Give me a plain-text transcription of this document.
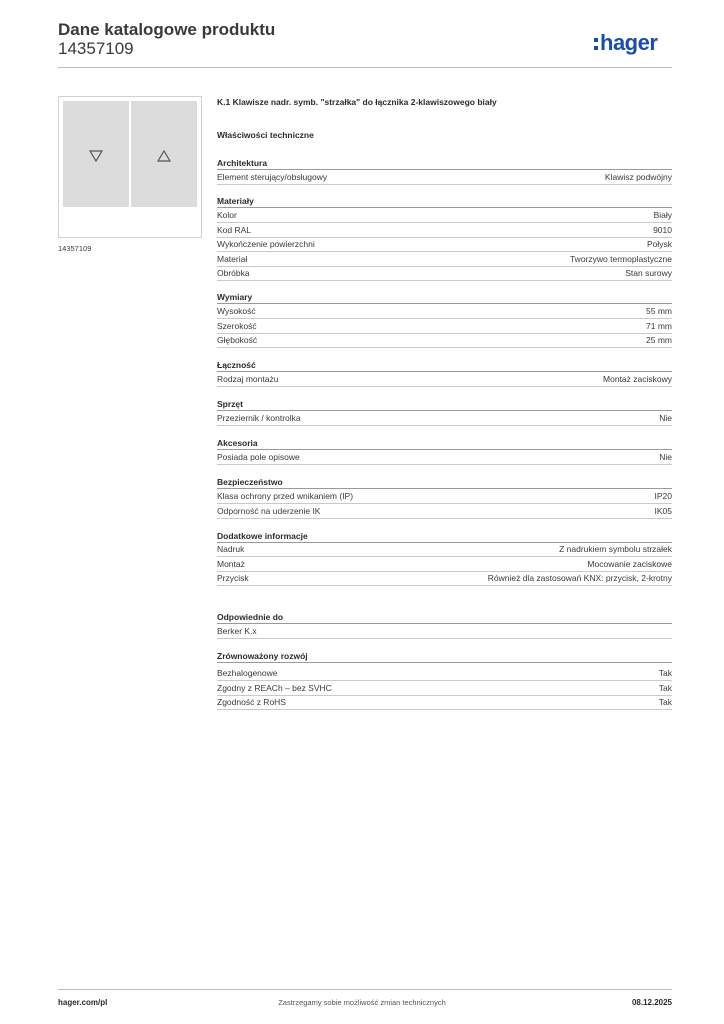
Dane katalogowe produktu
14357109	hager
14357109
K.1 Klawisze nadr. symb. "strzałka" do łącznika 2-klawiszowego biały
Właściwości techniczne
Architektura
Element sterujący/obsługowy	Klawisz podwójny
Materiały
Kolor	Biały
Kod RAL	9010
Wykończenie powierzchni	Połysk
Materiał	Tworzywo termoplastyczne
Obróbka	Stan surowy
Wymiary
Wysokość	55 mm
Szerokość	71 mm
Głębokość	25 mm
Łączność
Rodzaj montażu	Montaż zaciskowy
Sprzęt
Przeziernik / kontrolka	Nie
Akcesoria
Posiada pole opisowe	Nie
Bezpieczeństwo
Klasa ochrony przed wnikaniem (IP)	IP20
Odporność na uderzenie IK	IK05
Dodatkowe informacje
Nadruk	Z nadrukiem symbolu strzałek
Montaż	Mocowanie zaciskowe
Przycisk	Również dla zastosowań KNX: przycisk, 2-krotny
Odpowiednie do
Berker K.x
Zrównoważony rozwój
Bezhalogenowe	Tak
Zgodny z REACh – bez SVHC	Tak
Zgodność z RoHS	Tak
hager.com/pl	Zastrzegamy sobie możliwość zmian technicznych	08.12.2025
